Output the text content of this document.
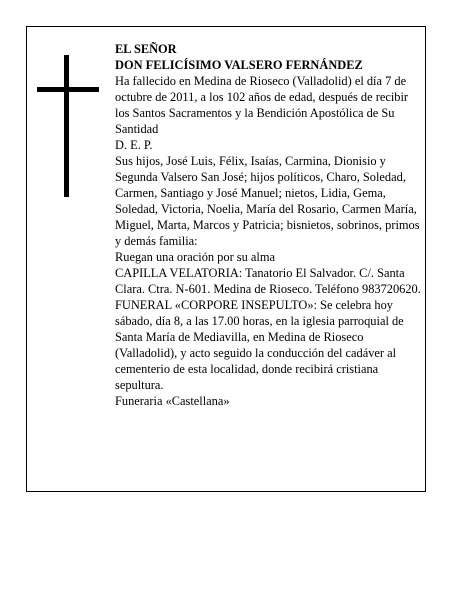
EL SEÑOR

DON FELICÍSIMO VALSERO FERNÁNDEZ

Ha fallecido en Medina de Rioseco (Valladolid) el día 7 de octubre de 2011, a los 102 años de edad, después de recibir los Santos Sacramentos y la Bendición Apostólica de Su Santidad

D. E. P.

Sus hijos, José Luis, Félix, Isaías, Carmina, Dionisio y Segunda Valsero San José; hijos políticos, Charo, Soledad, Carmen, Santiago y José Manuel; nietos, Lidia, Gema, Soledad, Victoria, Noelia, María del Rosario, Carmen María, Miguel, Marta, Marcos y Patricia; bisnietos, sobrinos, primos y demás familia:

Ruegan una oración por su alma

CAPILLA VELATORIA: Tanatorio El Salvador. C/. Santa Clara. Ctra. N-601. Medina de Rioseco. Teléfono 983720620.

FUNERAL «CORPORE INSEPULTO»: Se celebra hoy sábado, día 8, a las 17.00 horas, en la iglesia parroquial de Santa María de Mediavilla, en Medina de Rioseco (Valladolid), y acto seguido la conducción del cadáver al cementerio de esta localidad, donde recibirá cristiana sepultura.

Funeraria «Castellana»
